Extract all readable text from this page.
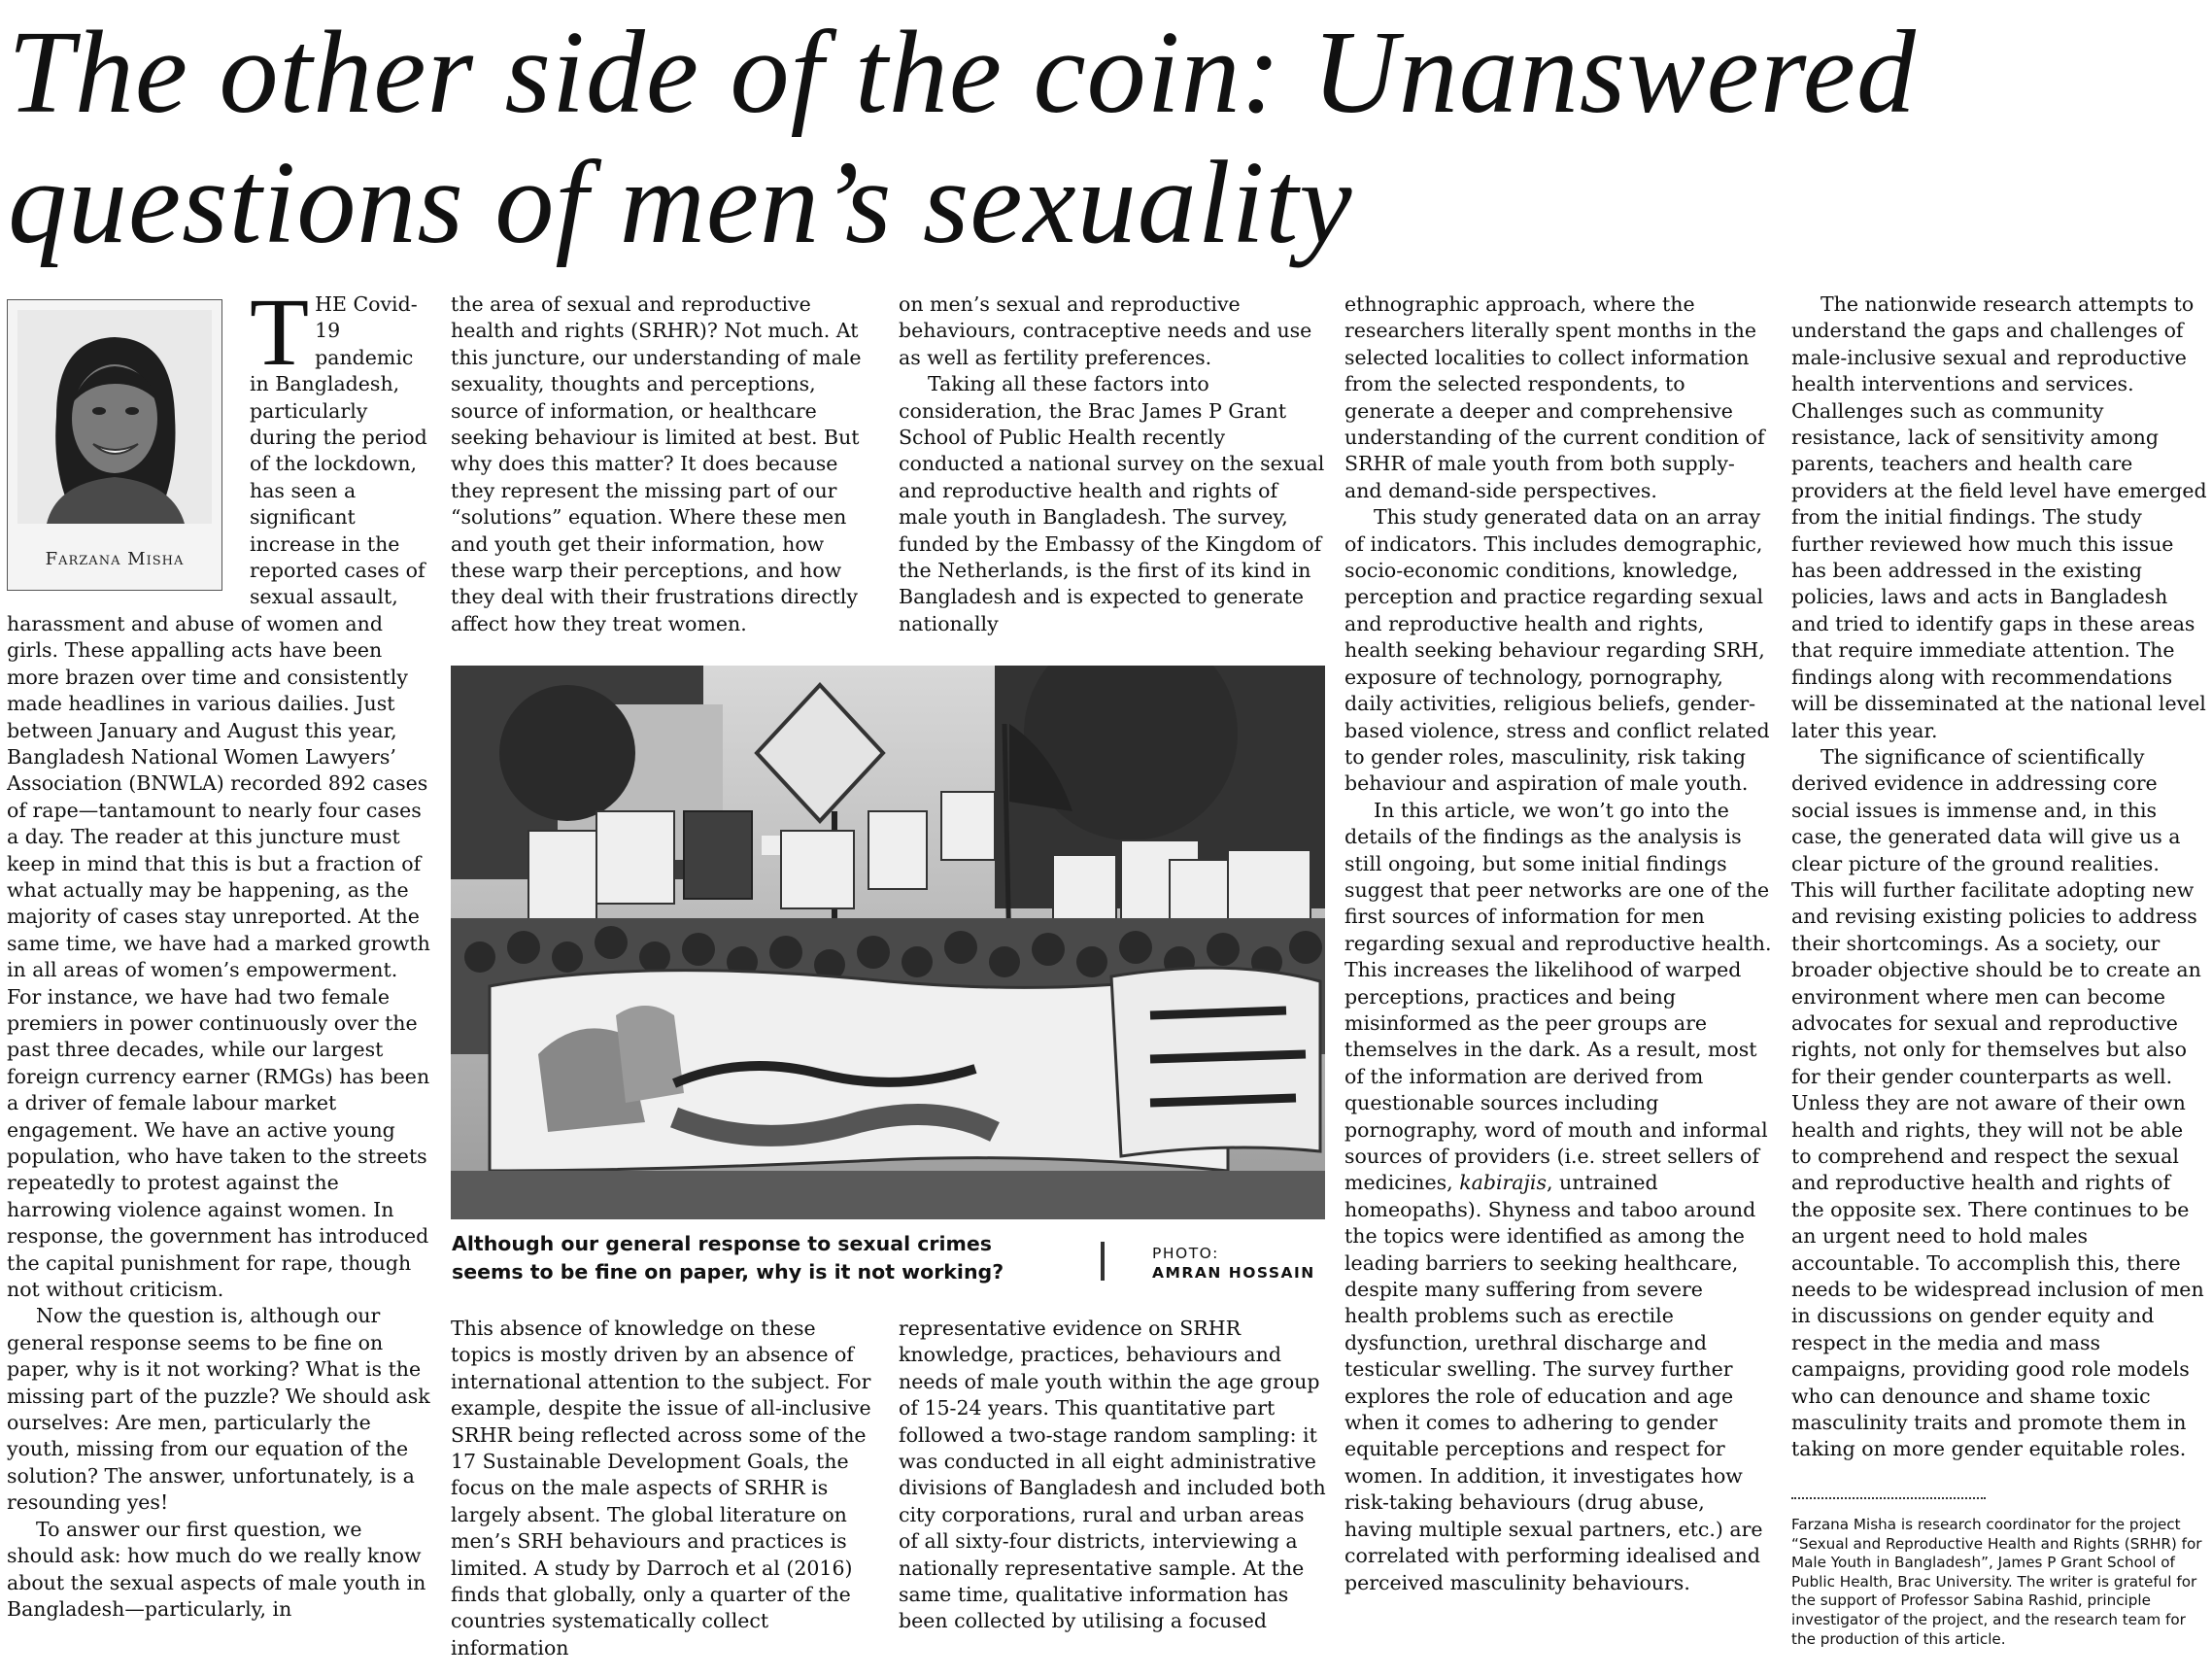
The other side of the coin: Unanswered questions of men’s sexuality
Farzana Misha
T HE Covid-19 pandemic in Bangladesh, particularly during the period of the lockdown, has seen a significant increase in the reported cases of sexual assault, harassment and abuse of women and girls. These appalling acts have been more brazen over time and consistently made headlines in various dailies. Just between January and August this year, Bangladesh National Women Lawyers’ Association (BNWLA) recorded 892 cases of rape—tantamount to nearly four cases a day. The reader at this juncture must keep in mind that this is but a fraction of what actually may be happening, as the majority of cases stay unreported. At the same time, we have had a marked growth in all areas of women’s empowerment. For instance, we have had two female premiers in power continuously over the past three decades, while our largest foreign currency earner (RMGs) has been a driver of female labour market engagement. We have an active young population, who have taken to the streets repeatedly to protest against the harrowing violence against women. In response, the government has introduced the capital punishment for rape, though not without criticism.

Now the question is, although our general response seems to be fine on paper, why is it not working? What is the missing part of the puzzle? We should ask ourselves: Are men, particularly the youth, missing from our equation of the solution? The answer, unfortunately, is a resounding yes!

To answer our first question, we should ask: how much do we really know about the sexual aspects of male youth in Bangladesh—particularly, in

the area of sexual and reproductive health and rights (SRHR)? Not much. At this juncture, our understanding of male sexuality, thoughts and perceptions, source of information, or healthcare seeking behaviour is limited at best. But why does this matter? It does because they represent the missing part of our “solutions” equation. Where these men and youth get their information, how these warp their perceptions, and how they deal with their frustrations directly affect how they treat women.

on men’s sexual and reproductive behaviours, contraceptive needs and use as well as fertility preferences.

Taking all these factors into consideration, the Brac James P Grant School of Public Health recently conducted a national survey on the sexual and reproductive health and rights of male youth in Bangladesh. The survey, funded by the Embassy of the Kingdom of the Netherlands, is the first of its kind in Bangladesh and is expected to generate nationally

Although our general response to sexual crimes seems to be fine on paper, why is it not working?
PHOTO:
AMRAN HOSSAIN

This absence of knowledge on these topics is mostly driven by an absence of international attention to the subject. For example, despite the issue of all-inclusive SRHR being reflected across some of the 17 Sustainable Development Goals, the focus on the male aspects of SRHR is largely absent. The global literature on men’s SRH behaviours and practices is limited. A study by Darroch et al (2016) finds that globally, only a quarter of the countries systematically collect information

representative evidence on SRHR knowledge, practices, behaviours and needs of male youth within the age group of 15-24 years. This quantitative part followed a two-stage random sampling: it was conducted in all eight administrative divisions of Bangladesh and included both city corporations, rural and urban areas of all sixty-four districts, interviewing a nationally representative sample. At the same time, qualitative information has been collected by utilising a focused

ethnographic approach, where the researchers literally spent months in the selected localities to collect information from the selected respondents, to generate a deeper and comprehensive understanding of the current condition of SRHR of male youth from both supply- and demand-side perspectives.

This study generated data on an array of indicators. This includes demographic, socio-economic conditions, knowledge, perception and practice regarding sexual and reproductive health and rights, health seeking behaviour regarding SRH, exposure of technology, pornography, daily activities, religious beliefs, gender-based violence, stress and conflict related to gender roles, masculinity, risk taking behaviour and aspiration of male youth.

In this article, we won’t go into the details of the findings as the analysis is still ongoing, but some initial findings suggest that peer networks are one of the first sources of information for men regarding sexual and reproductive health. This increases the likelihood of warped perceptions, practices and being misinformed as the peer groups are themselves in the dark. As a result, most of the information are derived from questionable sources including pornography, word of mouth and informal sources of providers (i.e. street sellers of medicines, kabirajis, untrained homeopaths). Shyness and taboo around the topics were identified as among the leading barriers to seeking healthcare, despite many suffering from severe health problems such as erectile dysfunction, urethral discharge and testicular swelling. The survey further explores the role of education and age when it comes to adhering to gender equitable perceptions and respect for women. In addition, it investigates how risk-taking behaviours (drug abuse, having multiple sexual partners, etc.) are correlated with performing idealised and perceived masculinity behaviours.

The nationwide research attempts to understand the gaps and challenges of male-inclusive sexual and reproductive health interventions and services. Challenges such as community resistance, lack of sensitivity among parents, teachers and health care providers at the field level have emerged from the initial findings. The study further reviewed how much this issue has been addressed in the existing policies, laws and acts in Bangladesh and tried to identify gaps in these areas that require immediate attention. The findings along with recommendations will be disseminated at the national level later this year.

The significance of scientifically derived evidence in addressing core social issues is immense and, in this case, the generated data will give us a clear picture of the ground realities. This will further facilitate adopting new and revising existing policies to address their shortcomings. As a society, our broader objective should be to create an environment where men can become advocates for sexual and reproductive rights, not only for themselves but also for their gender counterparts as well. Unless they are not aware of their own health and rights, they will not be able to comprehend and respect the sexual and reproductive health and rights of the opposite sex. There continues to be an urgent need to hold males accountable. To accomplish this, there needs to be widespread inclusion of men in discussions on gender equity and respect in the media and mass campaigns, providing good role models who can denounce and shame toxic masculinity traits and promote them in taking on more gender equitable roles.

Farzana Misha is research coordinator for the project “Sexual and Reproductive Health and Rights (SRHR) for Male Youth in Bangladesh”, James P Grant School of Public Health, Brac University. The writer is grateful for the support of Professor Sabina Rashid, principle investigator of the project, and the research team for the production of this article.
